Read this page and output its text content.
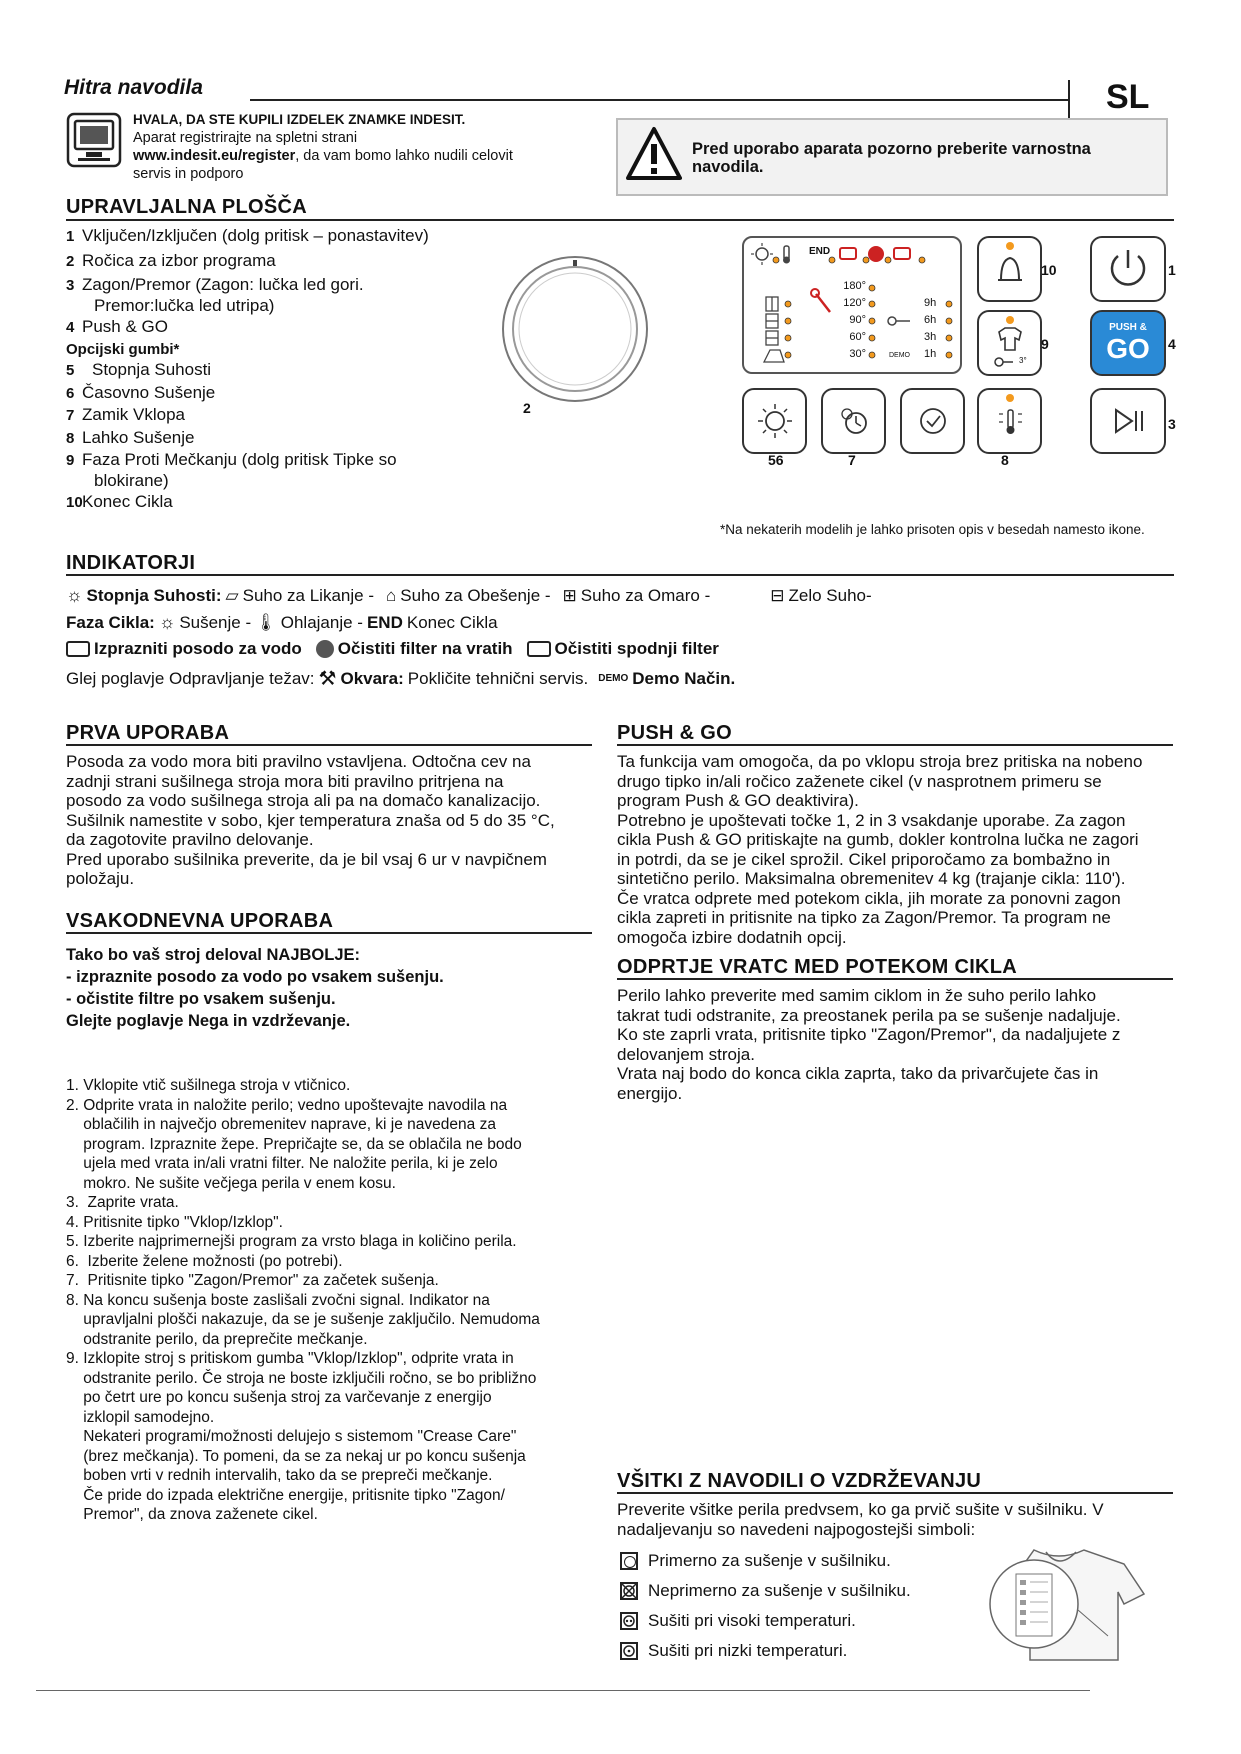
Hitra navodila	SL
HVALA, DA STE KUPILI IZDELEK ZNAMKE INDESIT.
Aparat registrirajte na spletni strani
www.indesit.eu/register, da vam bomo lahko nudili celovit
servis in podporo
Pred uporabo aparata pozorno preberite varnostna navodila.
UPRAVLJALNA PLOŠČA
1 Vključen/Izklјučen (dolg pritisk – ponastavitev)
2 Ročica za izbor programa
3 Zagon/Premor (Zagon: lučka led gori.
Premor:lučka led utripa)
4 Push & GO
Opcijski gumbi*
5 Stopnja Suhosti
6 Časovno Sušenje
7 Zamik Vklopa
8 Lahko Sušenje
9 Faza Proti Mečkanju (dolg pritisk Tipke so
blokirane)
10Konec Cikla
2
END
180°
120°
90°
60°
30°
9h
6h
3h
1h
DEMO
10	1
3°
9
PUSH &
GO	4
56	7	8
3
*Na nekaterih modelih je lahko prisoten opis v besedah namesto ikone.
INDIKATORJI
☼ Stopnja Suhosti: ⏥ Suho za Likanje - ⌂ Suho za Obešenje - ⊞ Suho za Omaro -	⊟ Zelo Suho-
Faza Cikla: ☼ Sušenje - 🌡 Ohlajanje - END Konec Cikla
Izprazniti posodo za vodo Očistiti filter na vratih Očistiti spodnji filter
Glej poglavje Odpravljanje težav: ⚒ Okvara: Pokličite tehnični servis. DEMO Demo Način.
PRVA UPORABA
Posoda za vodo mora biti pravilno vstavljena. Odtočna cev na
zadnji strani sušilnega stroja mora biti pravilno pritrjena na
posodo za vodo sušilnega stroja ali pa na domačo kanalizacijo.
Sušilnik namestite v sobo, kjer temperatura znaša od 5 do 35 °C,
da zagotovite pravilno delovanje.
Pred uporabo sušilnika preverite, da je bil vsaj 6 ur v navpičnem
položaju.
VSAKODNEVNA UPORABA
Tako bo vaš stroj deloval NAJBOLJE:
- izpraznite posodo za vodo po vsakem sušenju.
- očistite filtre po vsakem sušenju.
Glejte poglavje Nega in vzdrževanje.

1. Vklopite vtič sušilnega stroja v vtičnico.
2. Odprite vrata in naložite perilo; vedno upoštevajte navodila na
oblačilih in največjo obremenitev naprave, ki je navedena za
program. Izpraznite žepe. Prepričajte se, da se oblačila ne bodo
ujela med vrata in/ali vratni filter. Ne naložite perila, ki je zelo
mokro. Ne sušite večjega perila v enem kosu.
3.  Zaprite vrata.
4. Pritisnite tipko "Vklop/Izklop".
5. Izberite najprimernejši program za vrsto blaga in količino perila.
6.  Izberite želene možnosti (po potrebi).
7.  Pritisnite tipko "Zagon/Premor" za začetek sušenja.
8. Na koncu sušenja boste zaslišali zvočni signal. Indikator na
upravljalni plošči nakazuje, da se je sušenje zaključilo. Nemudoma
odstranite perilo, da preprečite mečkanje.
9. Izklopite stroj s pritiskom gumba "Vklop/Izklop", odprite vrata in
odstranite perilo. Če stroja ne boste izključili ročno, se bo približno
po četrt ure po koncu sušenja stroj za varčevanje z energijo
izklopil samodejno.
Nekateri programi/možnosti delujejo s sistemom "Crease Care"
(brez mečkanja). To pomeni, da se za nekaj ur po koncu sušenja
boben vrti v rednih intervalih, tako da se prepreči mečkanje.
Če pride do izpada električne energije, pritisnite tipko "Zagon/
Premor", da znova zaženete cikel.

PUSH & GO
Ta funkcija vam omogoča, da po vklopu stroja brez pritiska na nobeno
drugo tipko in/ali ročico zaženete cikel (v nasprotnem primeru se
program Push & GO deaktivira).
Potrebno je upoštevati točke 1, 2 in 3 vsakdanje uporabe. Za zagon
cikla Push & GO pritiskajte na gumb, dokler kontrolna lučka ne zagori
in potrdi, da se je cikel sprožil. Cikel priporočamo za bombažno in
sintetično perilo. Maksimalna obremenitev 4 kg (trajanje cikla: 110').
Če vratca odprete med potekom cikla, jih morate za ponovni zagon
cikla zapreti in pritisnite na tipko za Zagon/Premor. Ta program ne
omogoča izbire dodatnih opcij.
ODPRTJE VRATC MED POTEKOM CIKLA
Perilo lahko preverite med samim ciklom in že suho perilo lahko
takrat tudi odstranite, za preostanek perila pa se sušenje nadaljuje.
Ko ste zaprli vrata, pritisnite tipko "Zagon/Premor", da nadaljujete z
delovanjem stroja.
Vrata naj bodo do konca cikla zaprta, tako da privarčujete čas in
energijo.
VŠITKI Z NAVODILI O VZDRŽEVANJU
Preverite všitke perila predvsem, ko ga prvič sušite v sušilniku. V
nadaljevanju so navedeni najpogostejši simboli:
Primerno za sušenje v sušilniku.
Neprimerno za sušenje v sušilniku.
Sušiti pri visoki temperaturi.
Sušiti pri nizki temperaturi.
